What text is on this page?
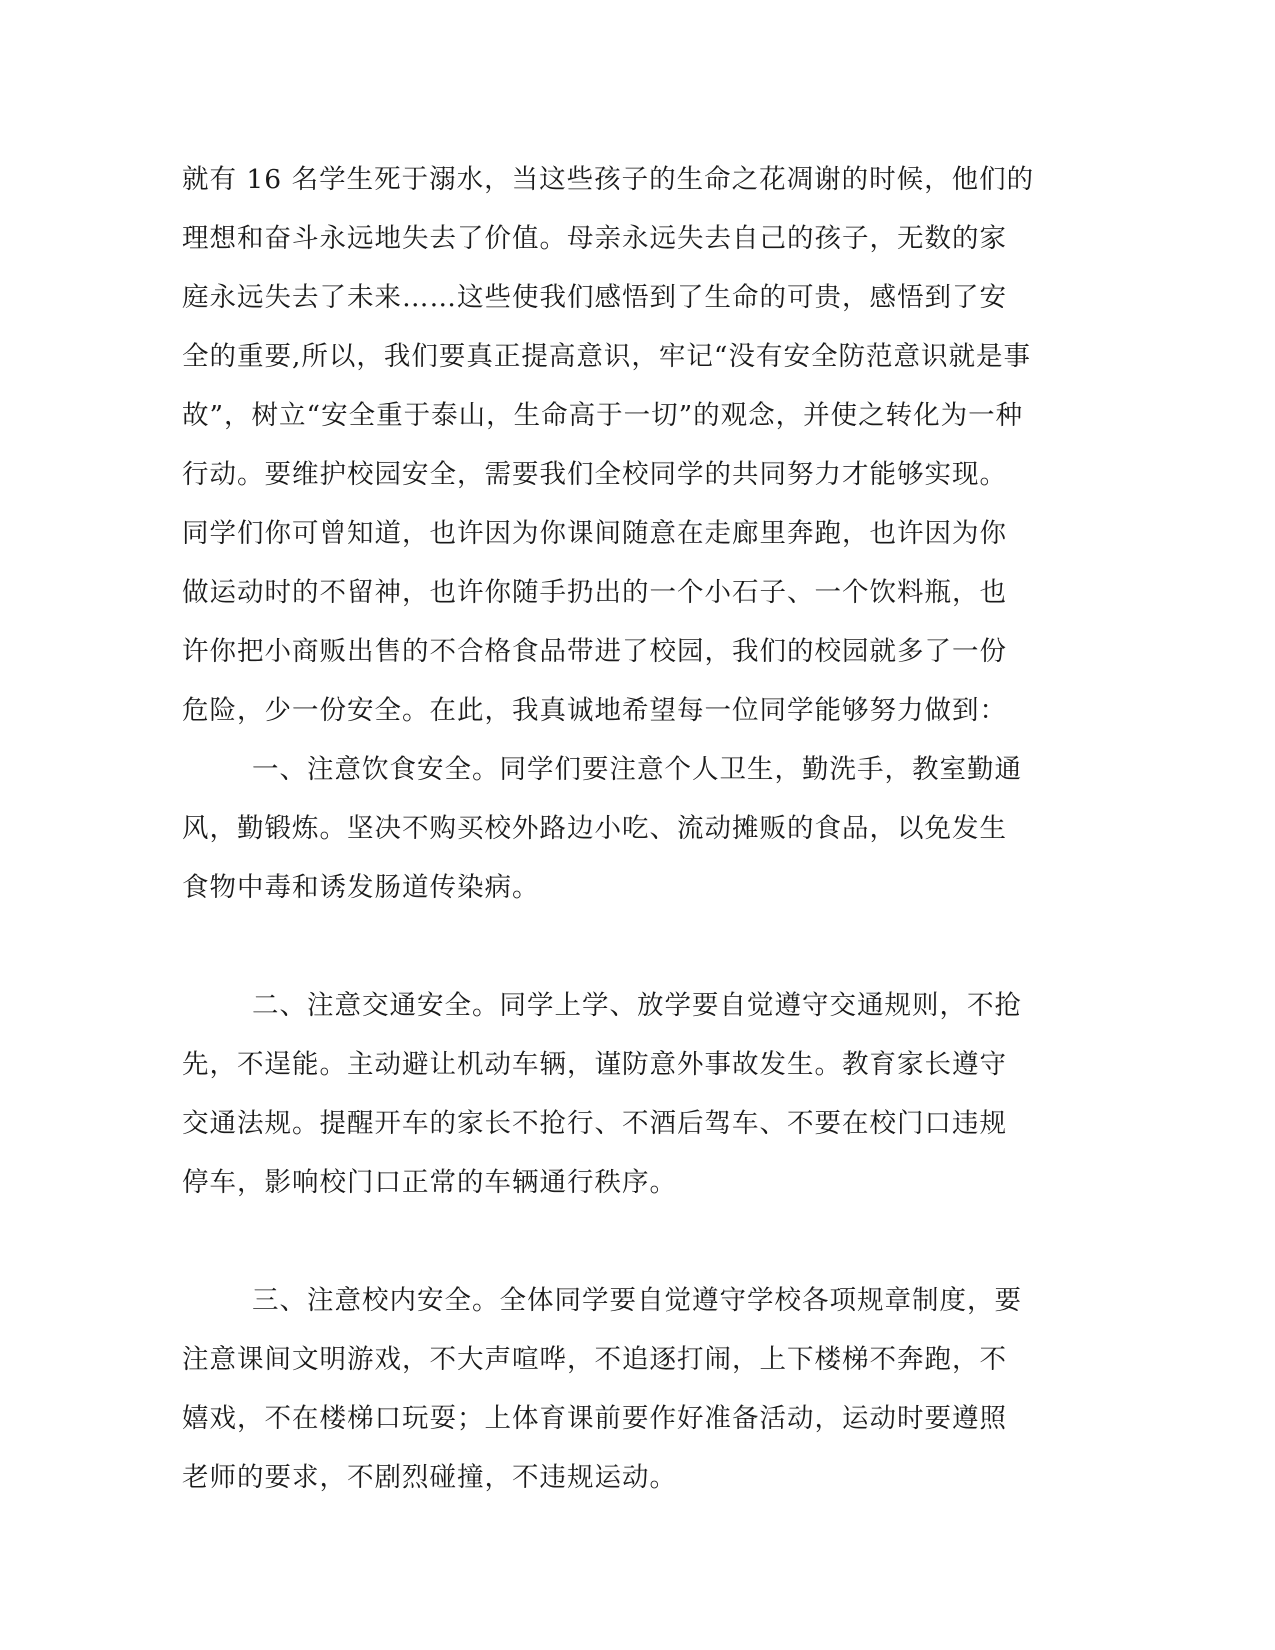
就有 16 名学生死于溺水，当这些孩子的生命之花凋谢的时候，他们的
理想和奋斗永远地失去了价值。母亲永远失去自己的孩子，无数的家
庭永远失去了未来……这些使我们感悟到了生命的可贵，感悟到了安
全的重要,所以，我们要真正提高意识，牢记“没有安全防范意识就是事
故”，树立“安全重于泰山，生命高于一切”的观念，并使之转化为一种
行动。要维护校园安全，需要我们全校同学的共同努力才能够实现。
同学们你可曾知道，也许因为你课间随意在走廊里奔跑，也许因为你
做运动时的不留神，也许你随手扔出的一个小石子、一个饮料瓶，也
许你把小商贩出售的不合格食品带进了校园，我们的校园就多了一份
危险，少一份安全。在此，我真诚地希望每一位同学能够努力做到：
一、注意饮食安全。同学们要注意个人卫生，勤洗手，教室勤通
风，勤锻炼。坚决不购买校外路边小吃、流动摊贩的食品，以免发生
食物中毒和诱发肠道传染病。
二、注意交通安全。同学上学、放学要自觉遵守交通规则，不抢
先，不逞能。主动避让机动车辆，谨防意外事故发生。教育家长遵守
交通法规。提醒开车的家长不抢行、不酒后驾车、不要在校门口违规
停车，影响校门口正常的车辆通行秩序。
三、注意校内安全。全体同学要自觉遵守学校各项规章制度，要
注意课间文明游戏，不大声喧哗，不追逐打闹，上下楼梯不奔跑，不
嬉戏，不在楼梯口玩耍；上体育课前要作好准备活动，运动时要遵照
老师的要求，不剧烈碰撞，不违规运动。
